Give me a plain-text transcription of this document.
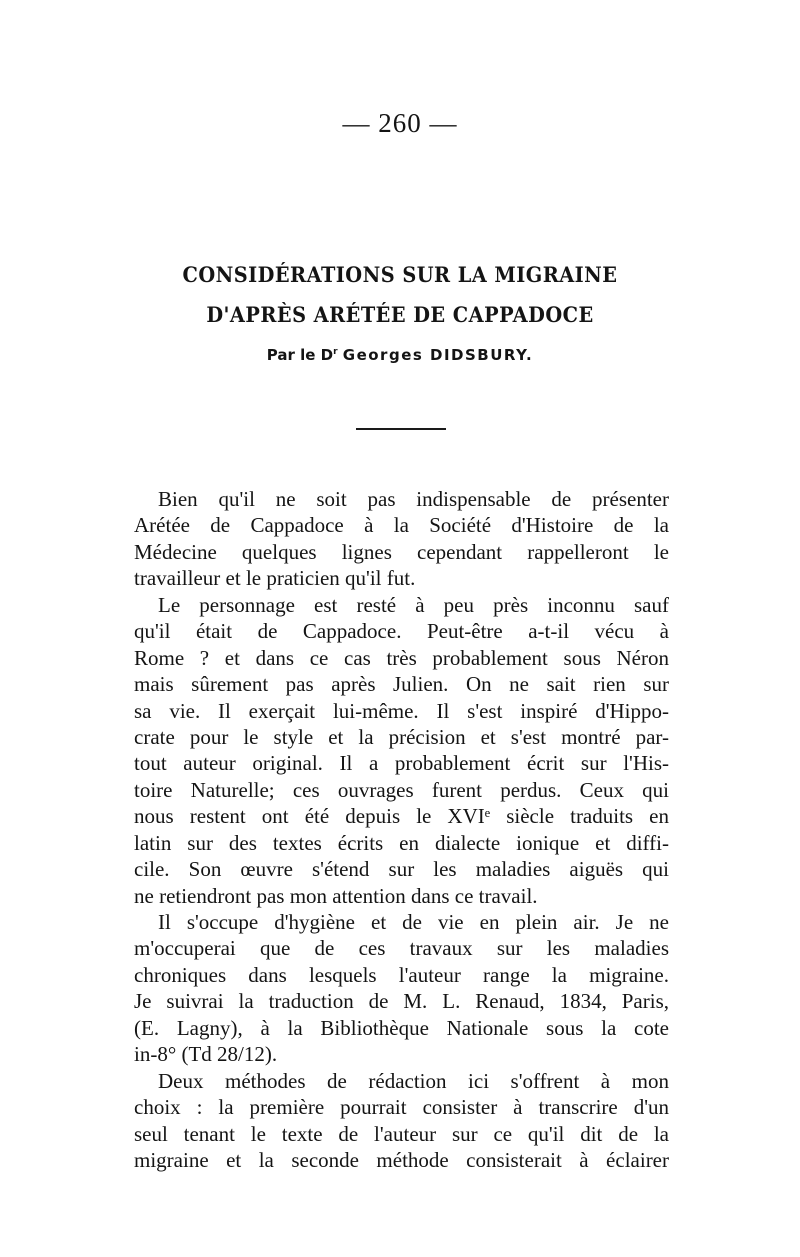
— 260 —
CONSIDÉRATIONS SUR LA MIGRAINE
D'APRÈS ARÉTÉE DE CAPPADOCE
Par le $D^r$ Georges DIDSBURY.
Bien qu'il ne soit pas indispensable de présenter
Arétée de Cappadoce à la Société d'Histoire de la
Médecine quelques lignes cependant rappelleront le
travailleur et le praticien qu'il fut.
Le personnage est resté à peu près inconnu sauf
qu'il était de Cappadoce. Peut-être a-t-il vécu à
Rome ? et dans ce cas très probablement sous Néron
mais sûrement pas après Julien. On ne sait rien sur
sa vie. Il exerçait lui-même. Il s'est inspiré d'Hippo-
crate pour le style et la précision et s'est montré par-
tout auteur original. Il a probablement écrit sur l'His-
toire Naturelle; ces ouvrages furent perdus. Ceux qui
nous restent ont été depuis le XVIᵉ siècle traduits en
latin sur des textes écrits en dialecte ionique et diffi-
cile. Son œuvre s'étend sur les maladies aiguës qui
ne retiendront pas mon attention dans ce travail.
Il s'occupe d'hygiène et de vie en plein air. Je ne
m'occuperai que de ces travaux sur les maladies
chroniques dans lesquels l'auteur range la migraine.
Je suivrai la traduction de M. L. Renaud, 1834, Paris,
(E. Lagny), à la Bibliothèque Nationale sous la cote
in-8° (Td 28/12).
Deux méthodes de rédaction ici s'offrent à mon
choix : la première pourrait consister à transcrire d'un
seul tenant le texte de l'auteur sur ce qu'il dit de la
migraine et la seconde méthode consisterait à éclairer
